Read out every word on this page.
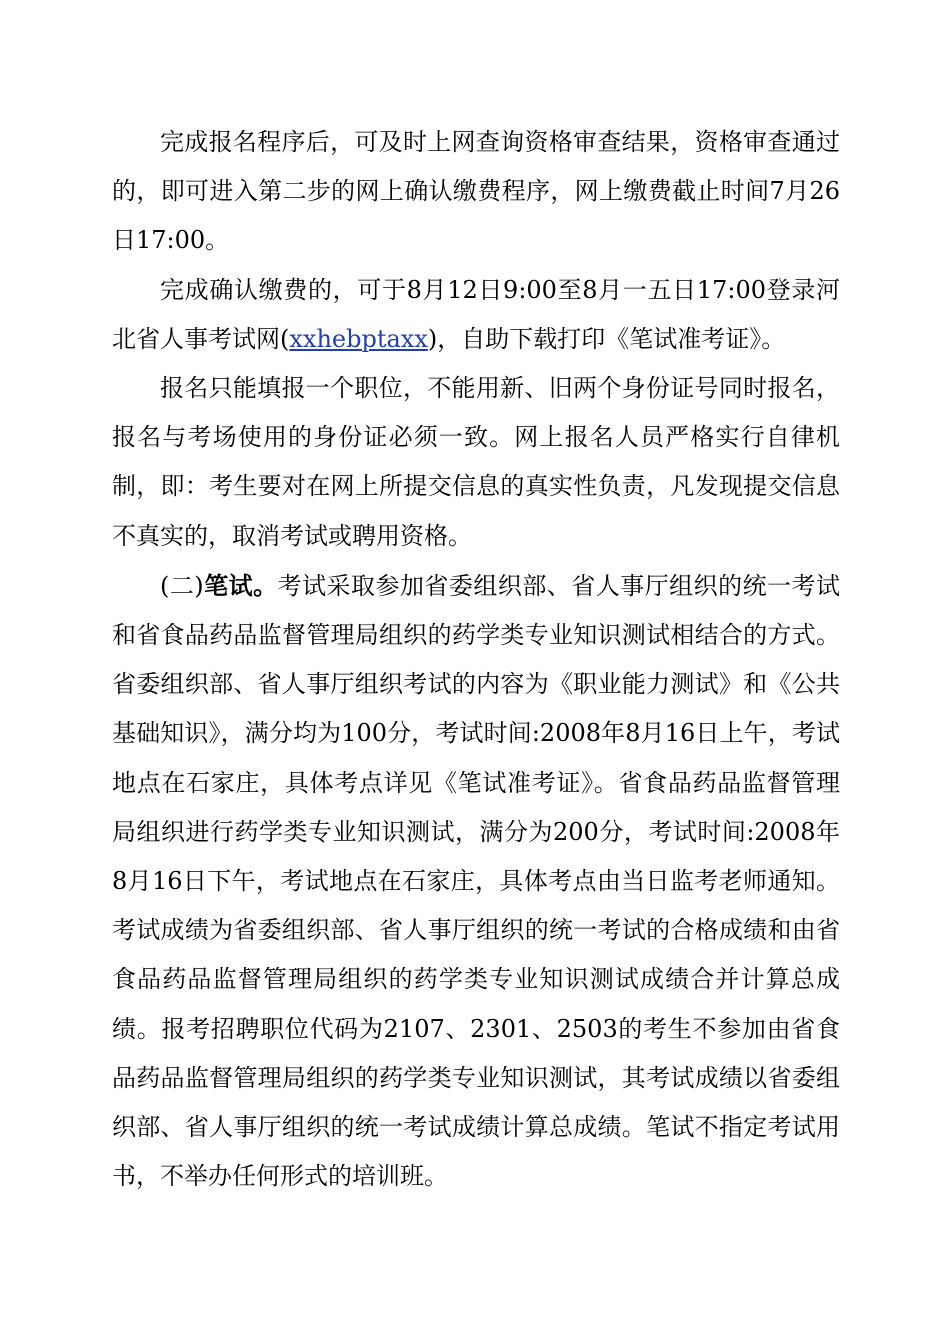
完成报名程序后，可及时上网查询资格审查结果，资格审查通过的，即可进入第二步的网上确认缴费程序，网上缴费截止时间7月26日17:00。

完成确认缴费的，可于8月12日9:00至8月一五日17:00登录河北省人事考试网(xxhebptaxx)，自助下载打印《笔试准考证》。

报名只能填报一个职位，不能用新、旧两个身份证号同时报名，报名与考场使用的身份证必须一致。网上报名人员严格实行自律机制，即：考生要对在网上所提交信息的真实性负责，凡发现提交信息不真实的，取消考试或聘用资格。

(二)笔试。考试采取参加省委组织部、省人事厅组织的统一考试和省食品药品监督管理局组织的药学类专业知识测试相结合的方式。省委组织部、省人事厅组织考试的内容为《职业能力测试》和《公共基础知识》，满分均为100分，考试时间:2008年8月16日上午，考试地点在石家庄，具体考点详见《笔试准考证》。省食品药品监督管理局组织进行药学类专业知识测试，满分为200分，考试时间:2008年8月16日下午，考试地点在石家庄，具体考点由当日监考老师通知。考试成绩为省委组织部、省人事厅组织的统一考试的合格成绩和由省食品药品监督管理局组织的药学类专业知识测试成绩合并计算总成绩。报考招聘职位代码为2107、2301、2503的考生不参加由省食品药品监督管理局组织的药学类专业知识测试，其考试成绩以省委组织部、省人事厅组织的统一考试成绩计算总成绩。笔试不指定考试用书，不举办任何形式的培训班。
